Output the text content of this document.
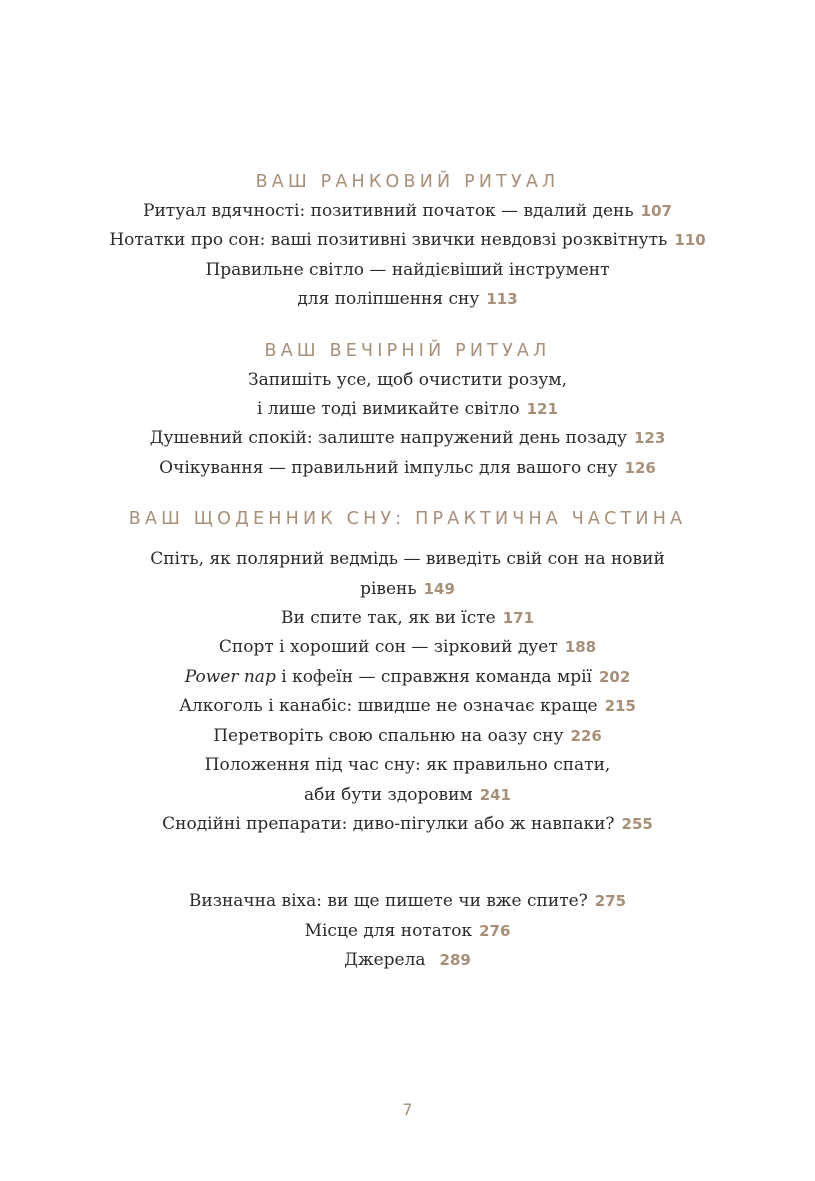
ВАШ РАНКОВИЙ РИТУАЛ

Ритуал вдячності: позитивний початок — вдалий день 107

Нотатки про сон: ваші позитивні звички невдовзі розквітнуть 110

Правильне світло — найдієвіший інструмент
для поліпшення сну 113

ВАШ ВЕЧІРНІЙ РИТУАЛ

Запишіть усе, щоб очистити розум,
і лише тоді вимикайте світло 121

Душевний спокій: залиште напружений день позаду 123

Очікування — правильний імпульс для вашого сну 126

ВАШ ЩОДЕННИК СНУ: ПРАКТИЧНА ЧАСТИНА

Спіть, як полярний ведмідь — виведіть свій сон на новий
рівень 149

Ви спите так, як ви їсте 171

Спорт і хороший сон — зірковий дует 188

Power nap і кофеїн — справжня команда мрії 202

Алкоголь і канабіс: швидше не означає краще 215

Перетворіть свою спальню на оазу сну 226

Положення під час сну: як правильно спати,
аби бути здоровим 241

Снодійні препарати: диво-пігулки або ж навпаки? 255

Визначна віха: ви ще пишете чи вже спите? 275

Місце для нотаток 276

Джерела 289

7
